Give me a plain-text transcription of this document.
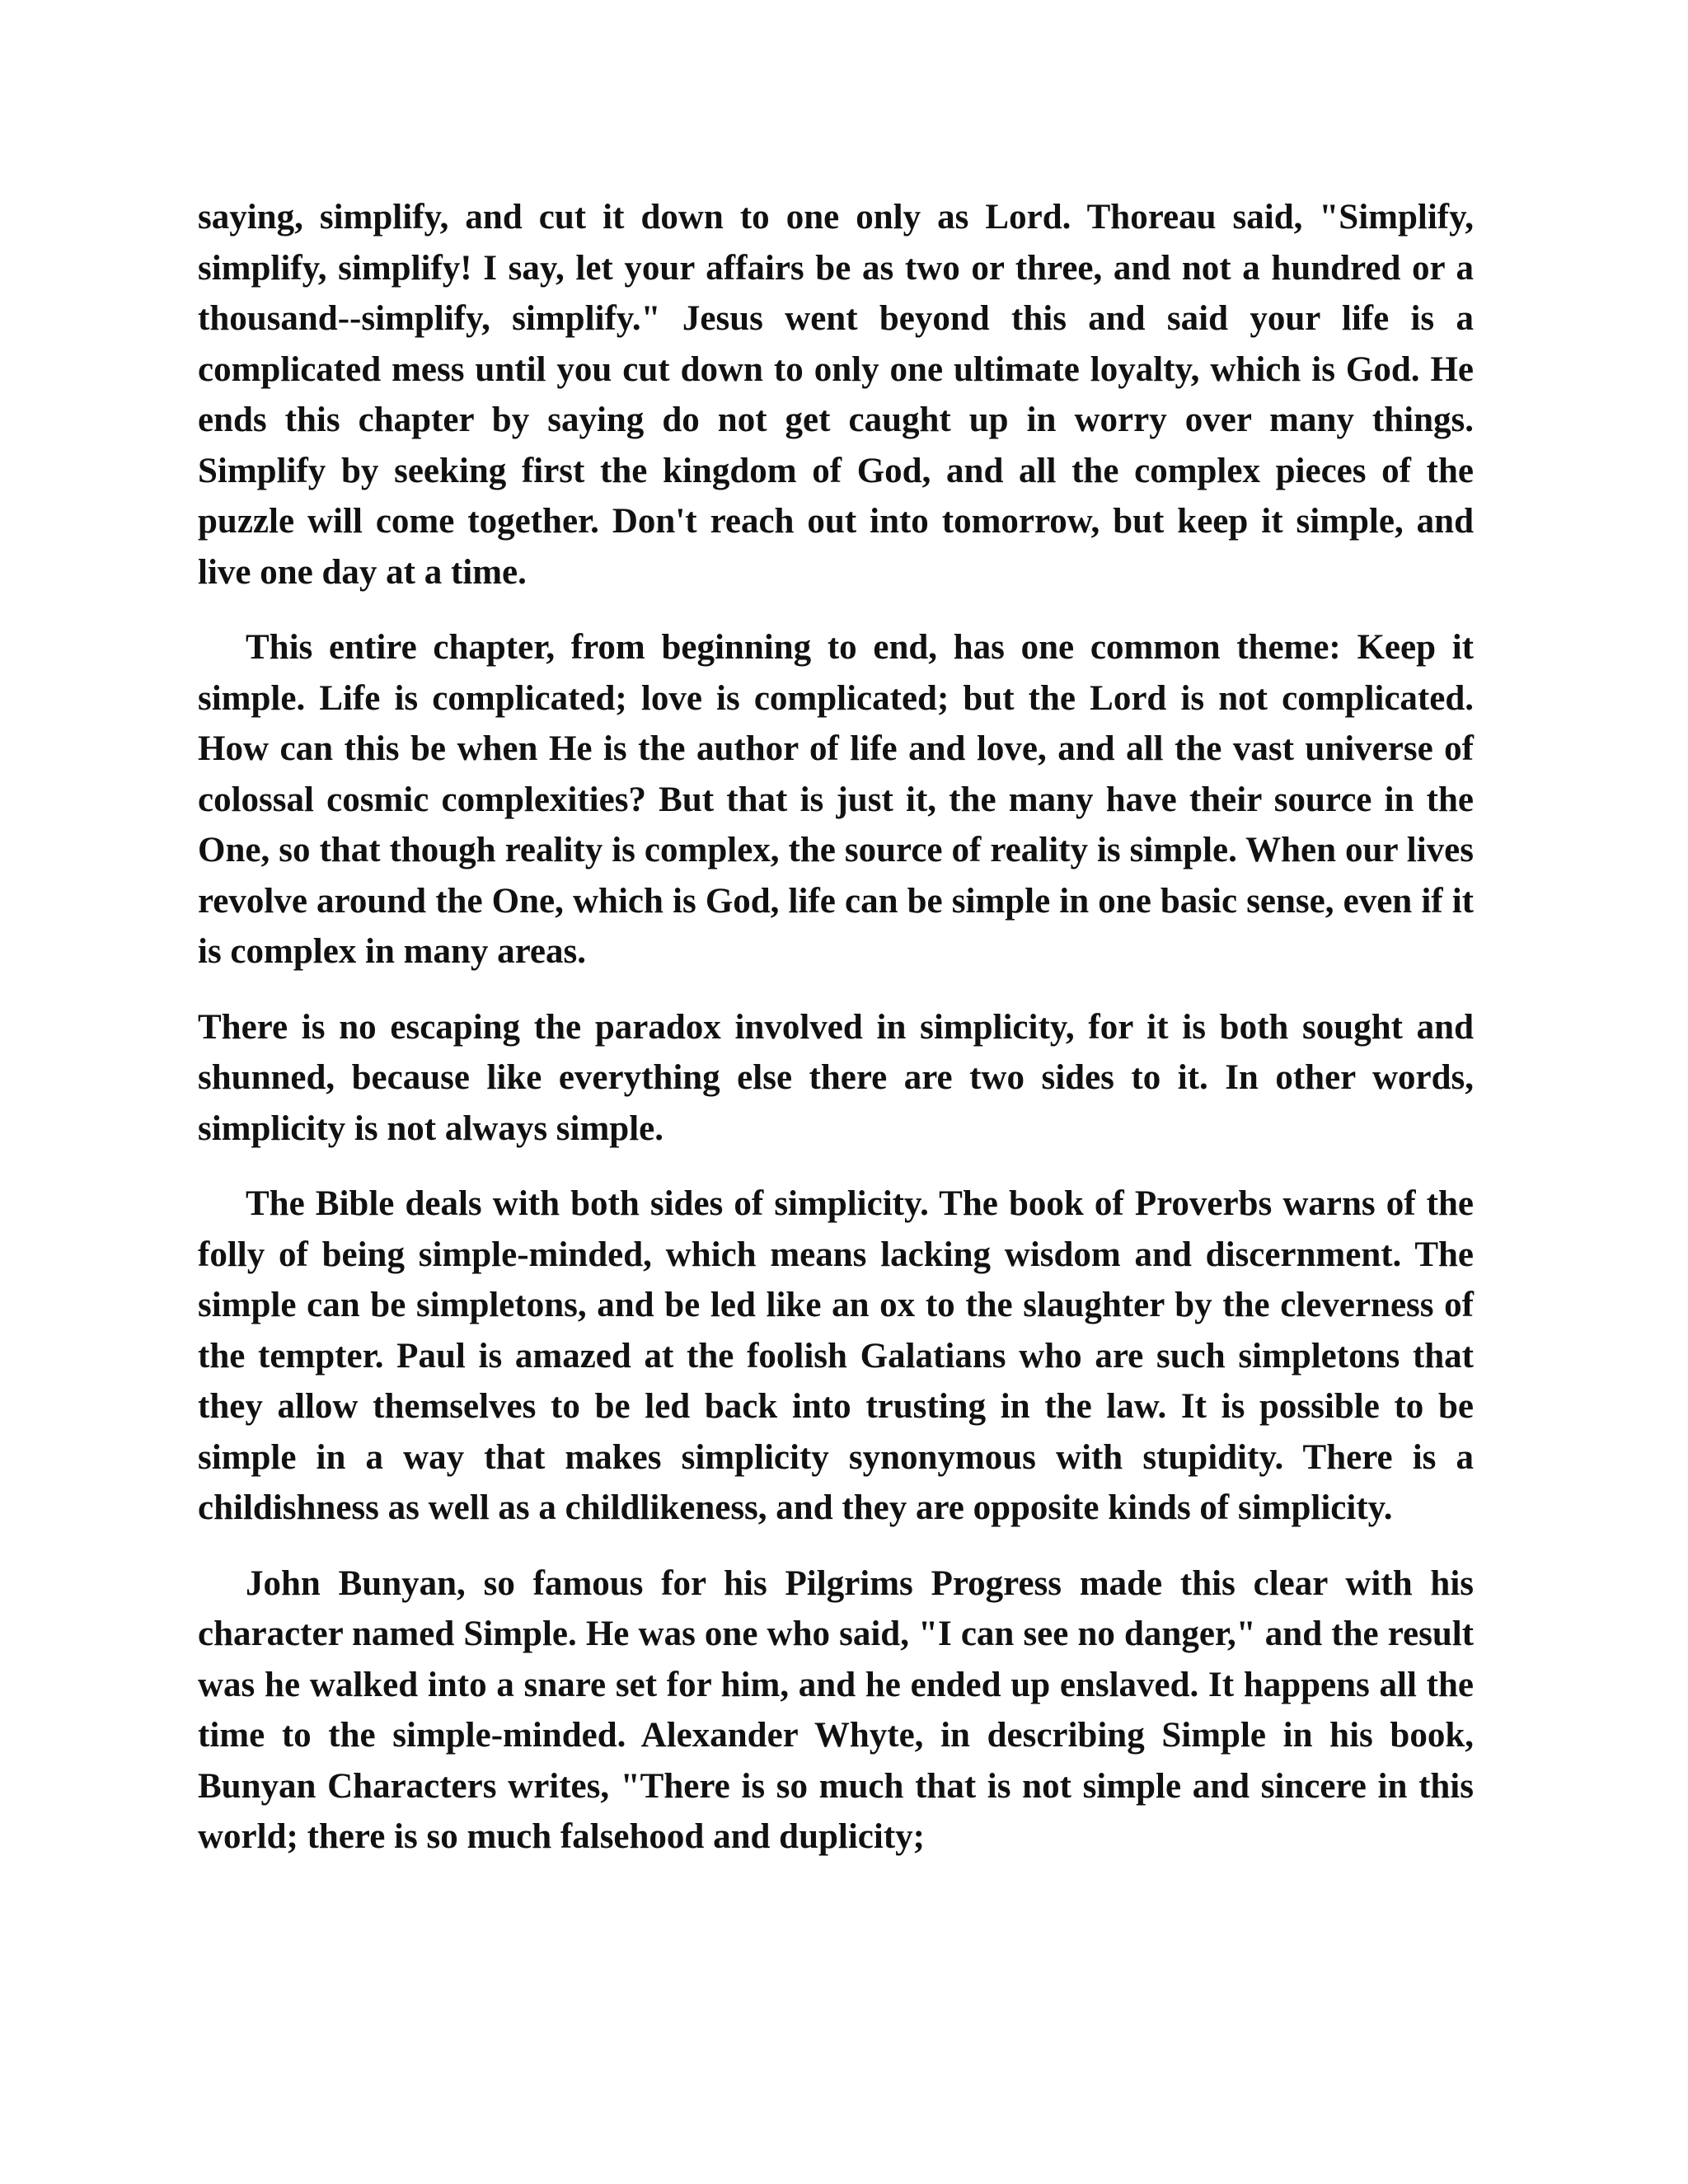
saying, simplify, and cut it down to one only as Lord. Thoreau said, "Simplify, simplify, simplify! I say, let your affairs be as two or three, and not a hundred or a thousand--simplify, simplify." Jesus went beyond this and said your life is a complicated mess until you cut down to only one ultimate loyalty, which is God. He ends this chapter by saying do not get caught up in worry over many things. Simplify by seeking first the kingdom of God, and all the complex pieces of the puzzle will come together. Don't reach out into tomorrow, but keep it simple, and live one day at a time.

This entire chapter, from beginning to end, has one common theme: Keep it simple. Life is complicated; love is complicated; but the Lord is not complicated. How can this be when He is the author of life and love, and all the vast universe of colossal cosmic complexities? But that is just it, the many have their source in the One, so that though reality is complex, the source of reality is simple. When our lives revolve around the One, which is God, life can be simple in one basic sense, even if it is complex in many areas.

There is no escaping the paradox involved in simplicity, for it is both sought and shunned, because like everything else there are two sides to it. In other words, simplicity is not always simple.

The Bible deals with both sides of simplicity. The book of Proverbs warns of the folly of being simple-minded, which means lacking wisdom and discernment. The simple can be simpletons, and be led like an ox to the slaughter by the cleverness of the tempter. Paul is amazed at the foolish Galatians who are such simpletons that they allow themselves to be led back into trusting in the law. It is possible to be simple in a way that makes simplicity synonymous with stupidity. There is a childishness as well as a childlikeness, and they are opposite kinds of simplicity.

John Bunyan, so famous for his Pilgrims Progress made this clear with his character named Simple. He was one who said, "I can see no danger," and the result was he walked into a snare set for him, and he ended up enslaved. It happens all the time to the simple-minded. Alexander Whyte, in describing Simple in his book, Bunyan Characters writes, "There is so much that is not simple and sincere in this world; there is so much falsehood and duplicity;
